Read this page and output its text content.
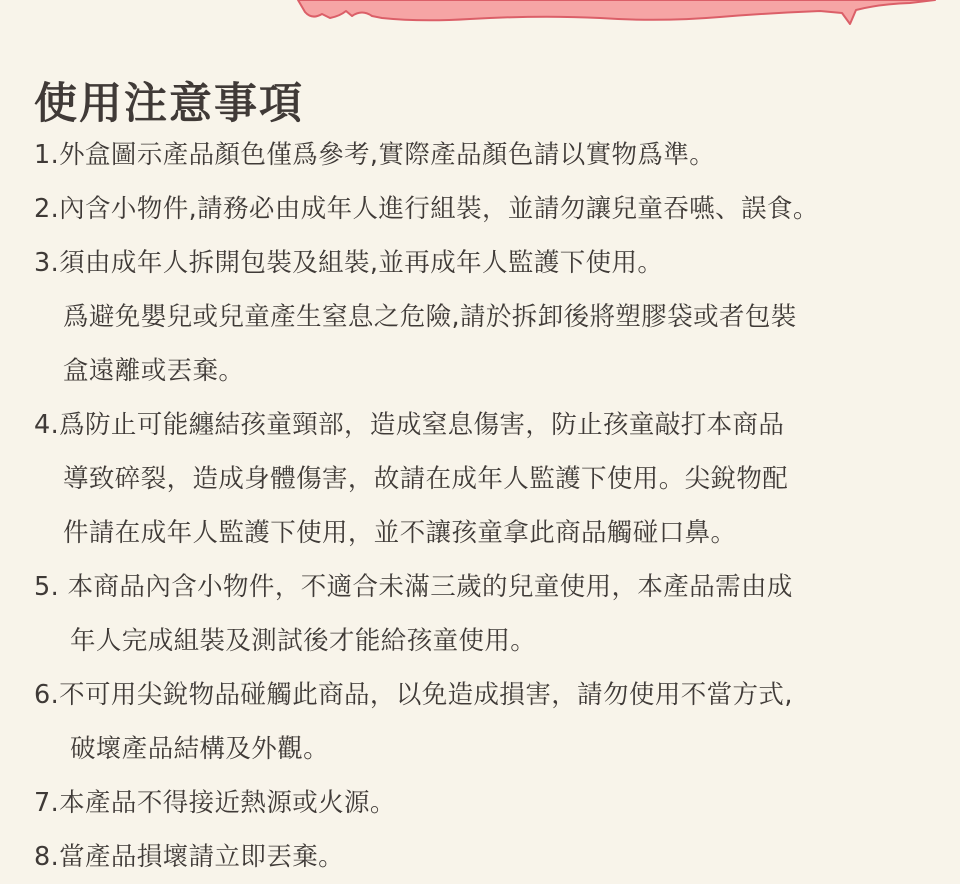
使用注意事項
1.外盒圖示產品顏色僅爲參考,實際產品顏色請以實物爲準。
2.內含小物件,請務必由成年人進行組裝，並請勿讓兒童吞嚥、誤食。
3.須由成年人拆開包裝及組裝,並再成年人監護下使用。
爲避免嬰兒或兒童產生窒息之危險,請於拆卸後將塑膠袋或者包裝
盒遠離或丟棄。
4.爲防止可能纏結孩童頸部，造成窒息傷害，防止孩童敲打本商品
導致碎裂，造成身體傷害，故請在成年人監護下使用。尖銳物配
件請在成年人監護下使用，並不讓孩童拿此商品觸碰口鼻。
5. 本商品內含小物件，不適合未滿三歲的兒童使用，本產品需由成
年人完成組裝及測試後才能給孩童使用。
6.不可用尖銳物品碰觸此商品，以免造成損害，請勿使用不當方式,
破壞產品結構及外觀。
7.本產品不得接近熱源或火源。
8.當產品損壞請立即丟棄。
